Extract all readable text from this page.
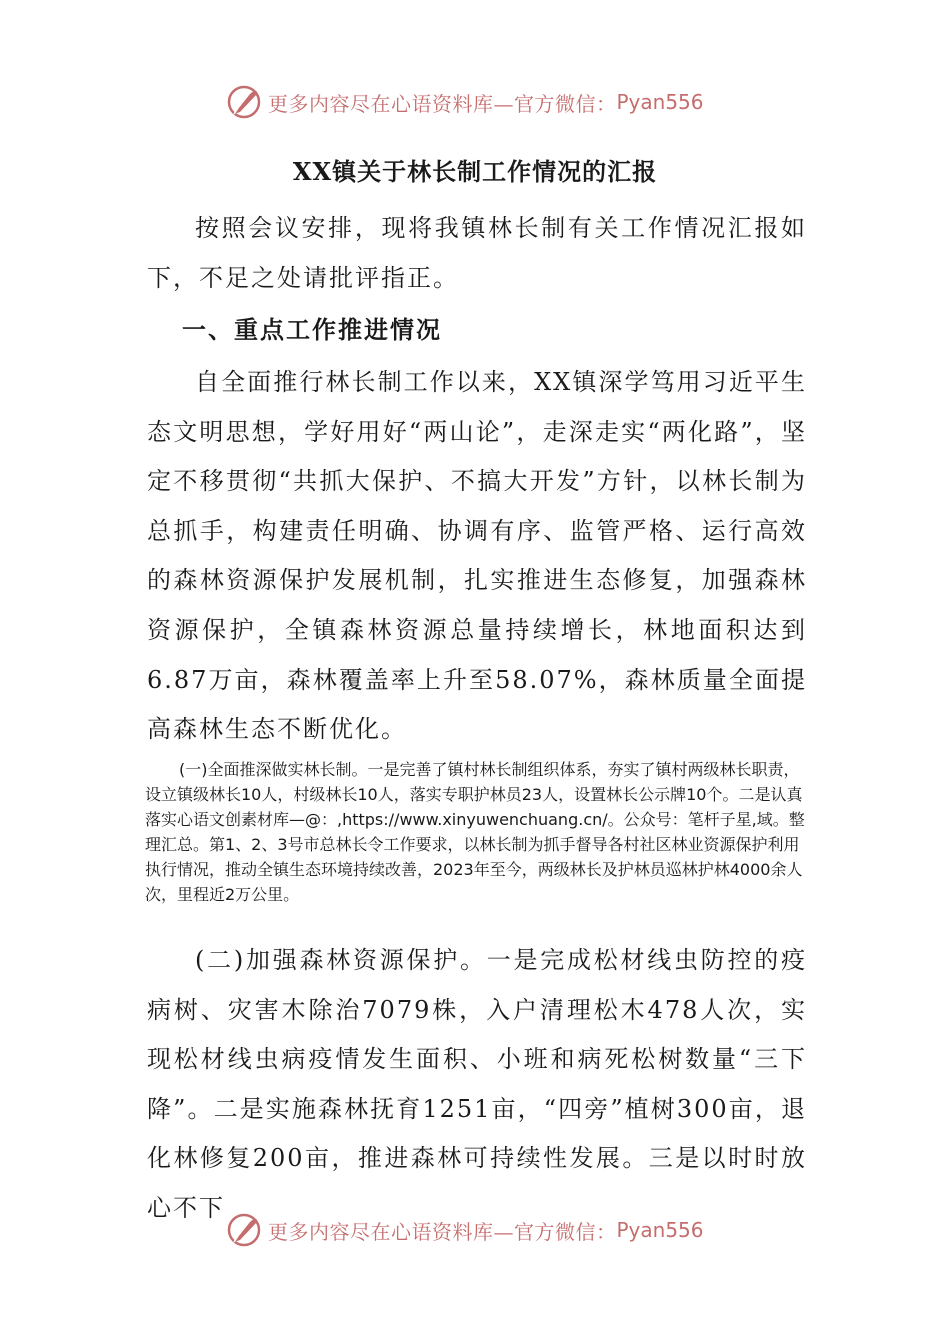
更多内容尽在心语资料库—官方微信： Pyan556
XX镇关于林长制工作情况的汇报

按照会议安排，现将我镇林长制有关工作情况汇报如下，不足之处请批评指正。

一、重点工作推进情况

自全面推行林长制工作以来，XX镇深学笃用习近平生态文明思想，学好用好“两山论”，走深走实“两化路”，坚定不移贯彻“共抓大保护、不搞大开发”方针，以林长制为总抓手，构建责任明确、协调有序、监管严格、运行高效的森林资源保护发展机制，扎实推进生态修复，加强森林资源保护，全镇森林资源总量持续增长，林地面积达到6.87万亩，森林覆盖率上升至58.07%，森林质量全面提高森林生态不断优化。

(一)全面推深做实林长制。一是完善了镇村林长制组织体系，夯实了镇村两级林长职责，设立镇级林长10人，村级林长10人，落实专职护林员23人，设置林长公示牌10个。二是认真落实心语文创素材库—@：,https://www.xinyuwenchuang.cn/。公众号：笔杆子星,域。整理汇总。第1、2、3号市总林长令工作要求，以林长制为抓手督导各村社区林业资源保护利用执行情况，推动全镇生态环境持续改善，2023年至今，两级林长及护林员巡林护林4000余人次，里程近2万公里。

(二)加强森林资源保护。一是完成松材线虫防控的疫病树、灾害木除治7079株，入户清理松木478人次，实现松材线虫病疫情发生面积、小班和病死松树数量“三下降”。二是实施森林抚育1251亩，“四旁”植树300亩，退化林修复200亩，推进森林可持续性发展。三是以时时放心不下

更多内容尽在心语资料库—官方微信： Pyan556
